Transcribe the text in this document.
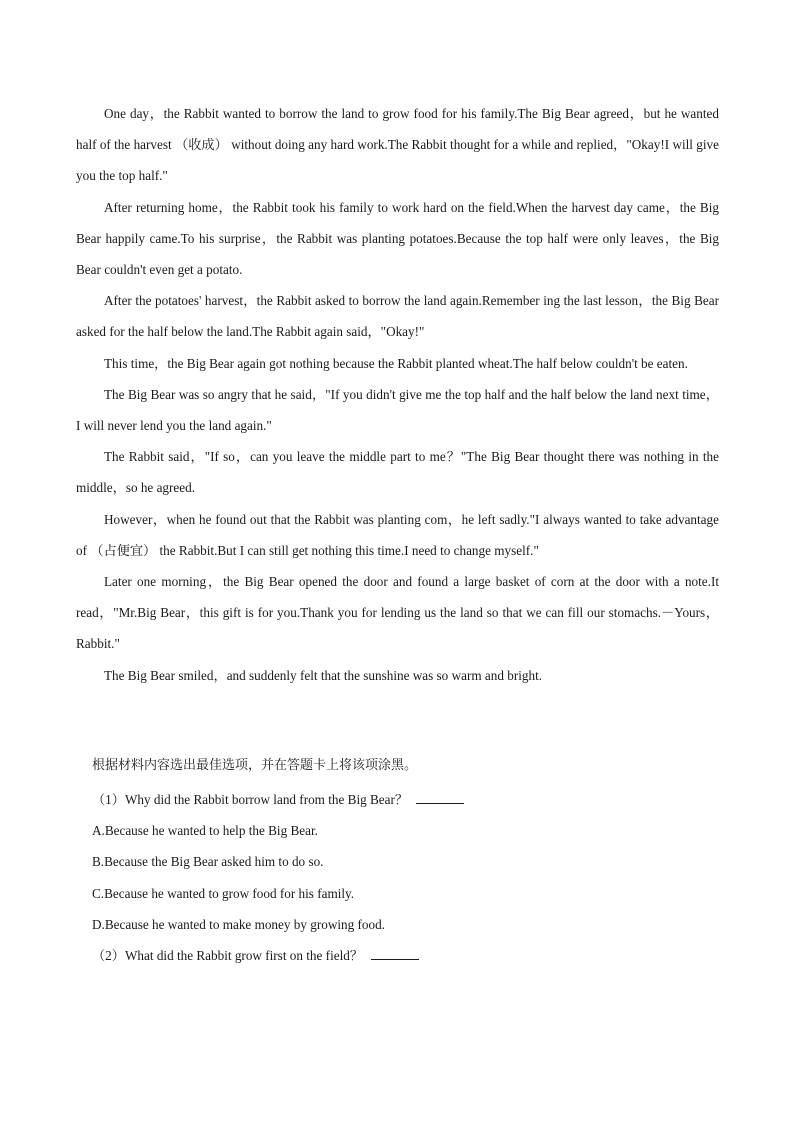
One day，the Rabbit wanted to borrow the land to grow food for his family.The Big Bear agreed，but he wanted half of the harvest （收成） without doing any hard work.The Rabbit thought for a while and replied，"Okay!I will give you the top half."

After returning home，the Rabbit took his family to work hard on the field.When the harvest day came，the Big Bear happily came.To his surprise，the Rabbit was planting potatoes.Because the top half were only leaves，the Big Bear couldn't even get a potato.

After the potatoes' harvest，the Rabbit asked to borrow the land again.Remember ing the last lesson，the Big Bear asked for the half below the land.The Rabbit again said，"Okay!"

This time，the Big Bear again got nothing because the Rabbit planted wheat.The half below couldn't be eaten.

The Big Bear was so angry that he said，"If you didn't give me the top half and the half below the land next time，I will never lend you the land again."

The Rabbit said，"If so，can you leave the middle part to me？"The Big Bear thought there was nothing in the middle，so he agreed.

However，when he found out that the Rabbit was planting com，he left sadly."I always wanted to take advantage of （占便宜） the Rabbit.But I can still get nothing this time.I need to change myself."

Later one morning，the Big Bear opened the door and found a large basket of corn at the door with a note.It read，"Mr.Big Bear，this gift is for you.Thank you for lending us the land so that we can fill our stomachs.－Yours，Rabbit."

The Big Bear smiled，and suddenly felt that the sunshine was so warm and bright.

根据材料内容选出最佳选项，并在答题卡上将该项涂黑。
（1）Why did the Rabbit borrow land from the Big Bear？
A.Because he wanted to help the Big Bear.
B.Because the Big Bear asked him to do so.
C.Because he wanted to grow food for his family.
D.Because he wanted to make money by growing food.
（2）What did the Rabbit grow first on the field？
